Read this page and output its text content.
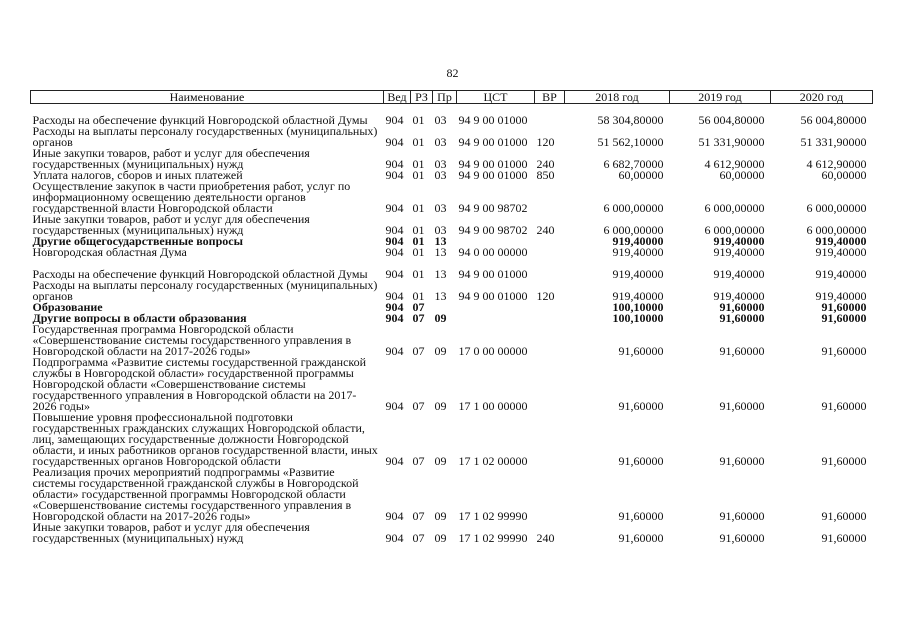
82
Наименование	Вед	РЗ	Пр	ЦСТ	ВР	2018 год	2019 год	2020 год
Расходы на обеспечение функций Новгородской областной Думы	904	01	03	94 9 00 01000		58 304,80000	56 004,80000	56 004,80000
Расходы на выплаты персоналу государственных (муниципальных) органов	904	01	03	94 9 00 01000	120	51 562,10000	51 331,90000	51 331,90000
Иные закупки товаров, работ и услуг для обеспечения государственных (муниципальных) нужд	904	01	03	94 9 00 01000	240	6 682,70000	4 612,90000	4 612,90000
Уплата налогов, сборов и иных платежей	904	01	03	94 9 00 01000	850	60,00000	60,00000	60,00000
Осуществление закупок в части приобретения работ, услуг по информационному освещению деятельности органов государственной власти Новгородской области	904	01	03	94 9 00 98702		6 000,00000	6 000,00000	6 000,00000
Иные закупки товаров, работ и услуг для обеспечения государственных (муниципальных) нужд	904	01	03	94 9 00 98702	240	6 000,00000	6 000,00000	6 000,00000
Другие общегосударственные вопросы	904	01	13			919,40000	919,40000	919,40000
Новгородская областная Дума	904	01	13	94 0 00 00000		919,40000	919,40000	919,40000
Расходы на обеспечение функций Новгородской областной Думы	904	01	13	94 9 00 01000		919,40000	919,40000	919,40000
Расходы на выплаты персоналу государственных (муниципальных) органов	904	01	13	94 9 00 01000	120	919,40000	919,40000	919,40000
Образование	904	07				100,10000	91,60000	91,60000
Другие вопросы в области образования	904	07	09			100,10000	91,60000	91,60000
Государственная программа Новгородской области «Совершенствование системы государственного управления в Новгородской области на 2017-2026 годы»	904	07	09	17 0 00 00000		91,60000	91,60000	91,60000
Подпрограмма «Развитие системы государственной гражданской службы в Новгородской области» государственной программы Новгородской области «Совершенствование системы государственного управления в Новгородской области на 2017-2026 годы»	904	07	09	17 1 00 00000		91,60000	91,60000	91,60000
Повышение уровня профессиональной подготовки государственных гражданских служащих Новгородской области, лиц, замещающих государственные должности Новгородской области, и иных работников органов государственной власти, иных государственных органов Новгородской области	904	07	09	17 1 02 00000		91,60000	91,60000	91,60000
Реализация прочих мероприятий подпрограммы «Развитие системы государственной гражданской службы в Новгородской области» государственной программы Новгородской области «Совершенствование системы государственного управления в Новгородской области на 2017-2026 годы»	904	07	09	17 1 02 99990		91,60000	91,60000	91,60000
Иные закупки товаров, работ и услуг для обеспечения государственных (муниципальных) нужд	904	07	09	17 1 02 99990	240	91,60000	91,60000	91,60000
